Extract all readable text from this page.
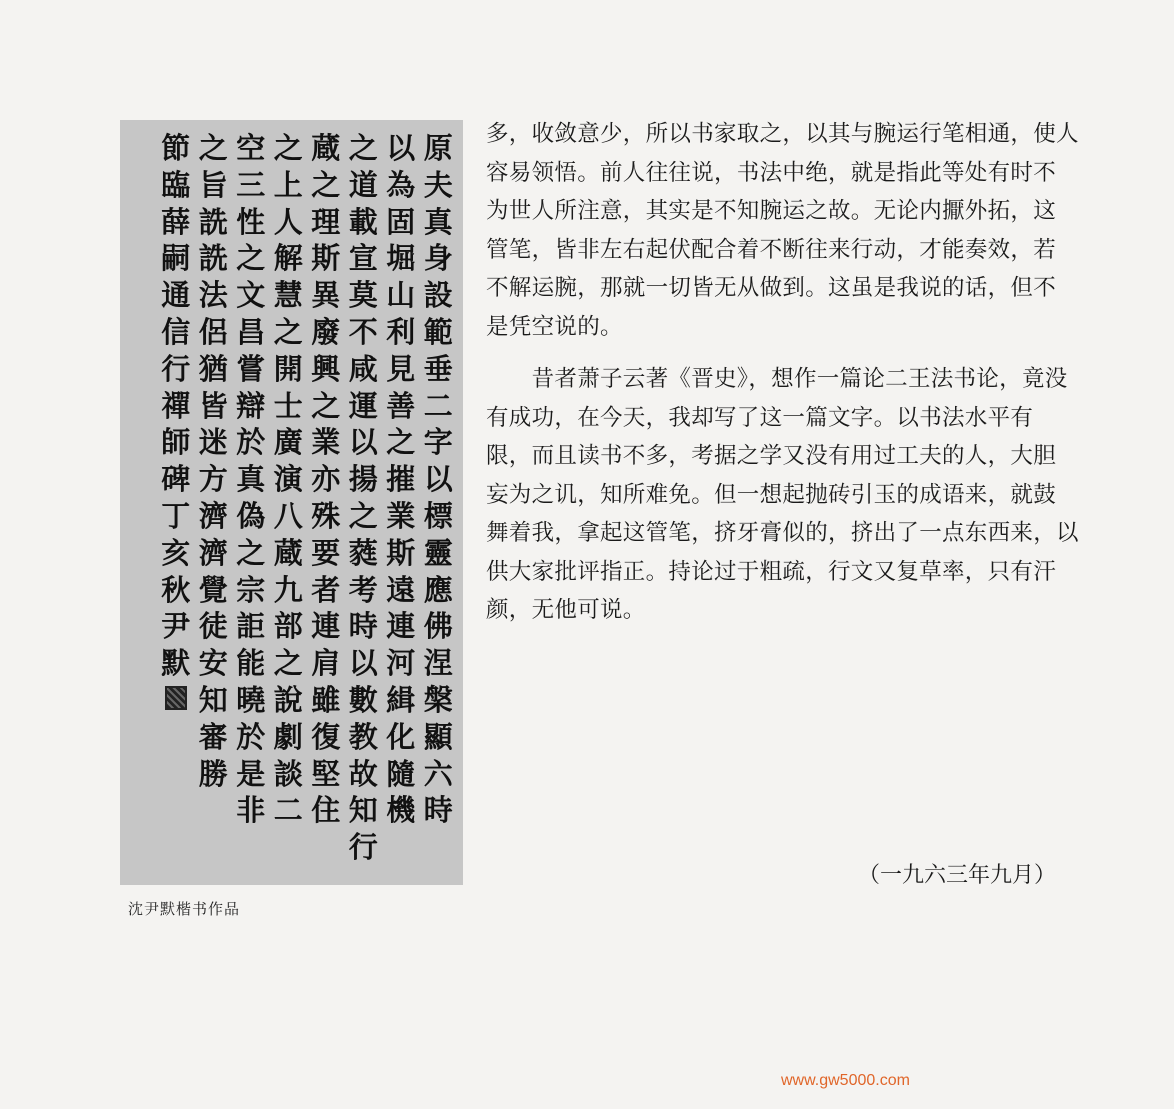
原
夫
真
身
設
範
垂
二
字
以
標
靈
應
佛
涅
槃
顯
六
時
以
為
固
堀
山
利
見
善
之
摧
業
斯
遠
連
河
緝
化
隨
機
之
道
載
宣
莫
不
咸
運
以
揚
之
蕤
考
時
以
數
教
故
知
行
蔵
之
理
斯
異
廢
興
之
業
亦
殊
要
者
連
肩
雖
復
堅
住
之
上
人
解
慧
之
開
士
廣
演
八
蔵
九
部
之
說
劇
談
二
空
三
性
之
文
昌
嘗
辯
於
真
偽
之
宗
詎
能
曉
於
是
非
之
旨
詵
詵
法
侶
猶
皆
迷
方
濟
濟
覺
徒
安
知
審
勝
節
臨
薛
嗣
通
信
行
禪
師
碑
丁
亥
秋
尹
默
沈尹默楷书作品
多，收敛意少，所以书家取之，以其与腕运行笔相通，使人
容易领悟。前人往往说，书法中绝，就是指此等处有时不
为世人所注意，其实是不知腕运之故。无论内擫外拓，这
管笔，皆非左右起伏配合着不断往来行动，才能奏效，若
不解运腕，那就一切皆无从做到。这虽是我说的话，但不
是凭空说的。
　　昔者萧子云著《晋史》，想作一篇论二王法书论，竟没
有成功，在今天，我却写了这一篇文字。以书法水平有
限，而且读书不多，考据之学又没有用过工夫的人，大胆
妄为之讥，知所难免。但一想起抛砖引玉的成语来，就鼓
舞着我，拿起这管笔，挤牙膏似的，挤出了一点东西来，以
供大家批评指正。持论过于粗疏，行文又复草率，只有汗
颜，无他可说。
（一九六三年九月）
www.gw5000.com
